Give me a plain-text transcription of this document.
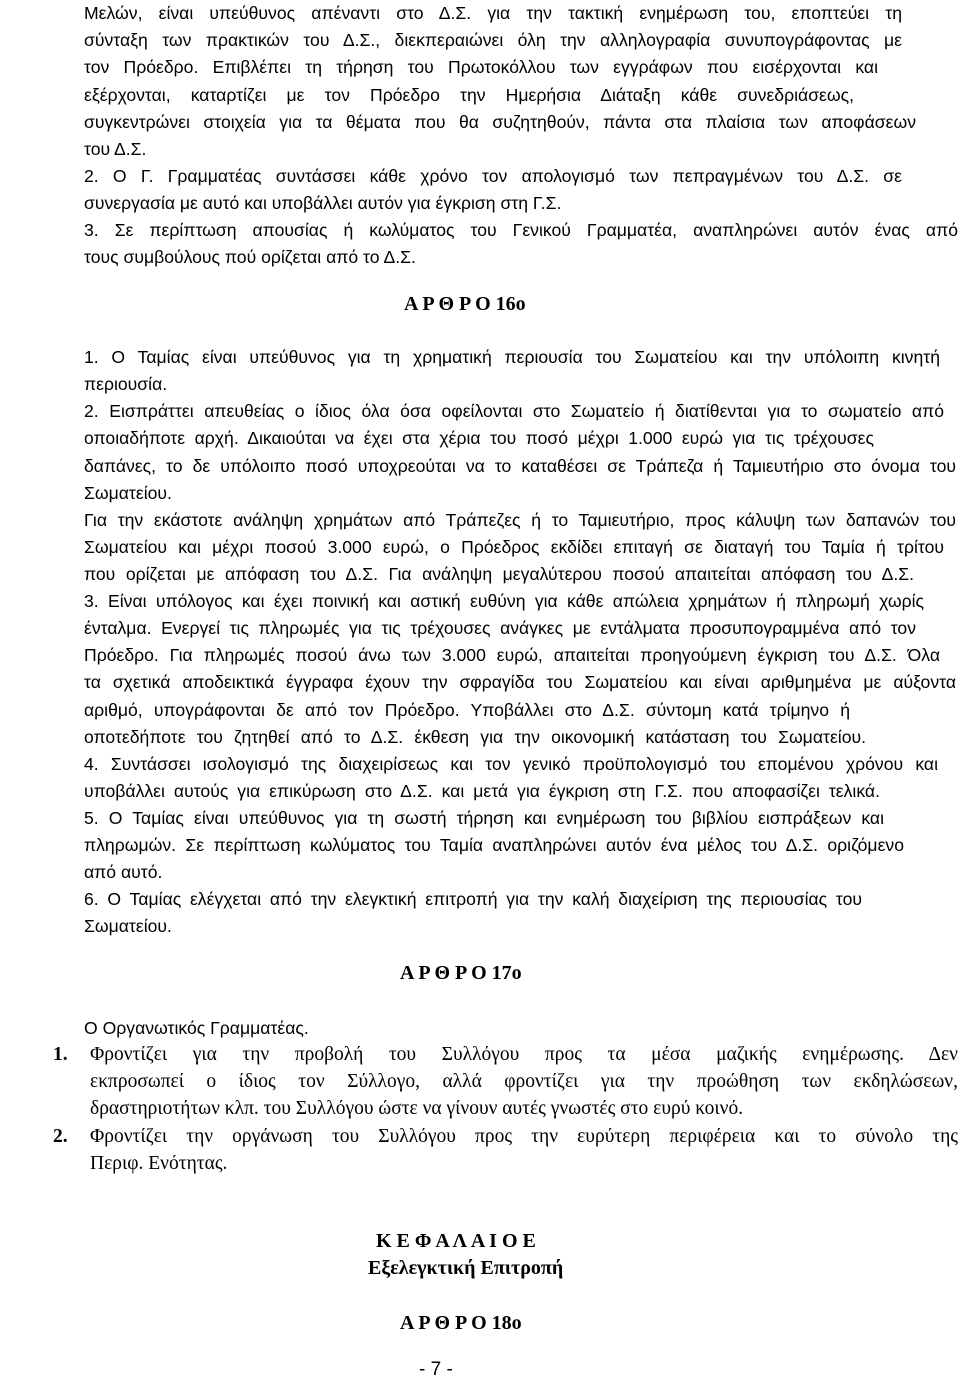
Μελών, είναι υπεύθυνος απέναντι στο Δ.Σ. για την τακτική ενημέρωση του, εποπτεύει τη
σύνταξη των πρακτικών του Δ.Σ., διεκπεραιώνει όλη την αλληλογραφία συνυπογράφοντας με
τον Πρόεδρο. Επιβλέπει τη τήρηση του Πρωτοκόλλου των εγγράφων που εισέρχονται και
εξέρχονται, καταρτίζει με τον Πρόεδρο την Ημερήσια Διάταξη κάθε συνεδριάσεως,
συγκεντρώνει στοιχεία για τα θέματα που θα συζητηθούν, πάντα στα πλαίσια των αποφάσεων
του Δ.Σ.
2. Ο Γ. Γραμματέας συντάσσει κάθε χρόνο τον απολογισμό των πεπραγμένων του Δ.Σ. σε
συνεργασία με αυτό και υποβάλλει αυτόν για έγκριση στη Γ.Σ.
3. Σε περίπτωση απουσίας ή κωλύματος του Γενικού Γραμματέα, αναπληρώνει αυτόν ένας από
τους συμβούλους πού ορίζεται από το Δ.Σ.
Α Ρ Θ Ρ Ο 16ο
1. Ο Ταμίας είναι υπεύθυνος για τη χρηματική περιουσία του Σωματείου και την υπόλοιπη κινητή
περιουσία.
2. Εισπράττει απευθείας ο ίδιος όλα όσα οφείλονται στο Σωματείο ή διατίθενται για το σωματείο από
οποιαδήποτε αρχή. Δικαιούται να έχει στα χέρια του ποσό μέχρι 1.000 ευρώ για τις τρέχουσες
δαπάνες, το δε υπόλοιπο ποσό υποχρεούται να το καταθέσει σε Τράπεζα ή Ταμιευτήριο στο όνομα του
Σωματείου.
Για την εκάστοτε ανάληψη χρημάτων από Τράπεζες ή το Ταμιευτήριο, προς κάλυψη των δαπανών του
Σωματείου και μέχρι ποσού 3.000 ευρώ, ο Πρόεδρος εκδίδει επιταγή σε διαταγή του Ταμία ή τρίτου
που ορίζεται με απόφαση του Δ.Σ. Για ανάληψη μεγαλύτερου ποσού απαιτείται απόφαση του Δ.Σ.
3. Είναι υπόλογος και έχει ποινική και αστική ευθύνη για κάθε απώλεια χρημάτων ή πληρωμή χωρίς
ένταλμα. Ενεργεί τις πληρωμές για τις τρέχουσες ανάγκες με εντάλματα προσυπογραμμένα από τον
Πρόεδρο. Για πληρωμές ποσού άνω των 3.000 ευρώ, απαιτείται προηγούμενη έγκριση του Δ.Σ. Όλα
τα σχετικά αποδεικτικά έγγραφα έχουν την σφραγίδα του Σωματείου και είναι αριθμημένα με αύξοντα
αριθμό, υπογράφονται δε από τον Πρόεδρο. Υποβάλλει στο Δ.Σ. σύντομη κατά τρίμηνο ή
οποτεδήποτε του ζητηθεί από το Δ.Σ. έκθεση για την οικονομική κατάσταση του Σωματείου.
4. Συντάσσει ισολογισμό της διαχειρίσεως και τον γενικό προϋπολογισμό του επομένου χρόνου και
υποβάλλει αυτούς για επικύρωση στο Δ.Σ. και μετά για έγκριση στη Γ.Σ. που αποφασίζει τελικά.
5. Ο Ταμίας είναι υπεύθυνος για τη σωστή τήρηση και ενημέρωση του βιβλίου εισπράξεων και
πληρωμών. Σε περίπτωση κωλύματος του Ταμία αναπληρώνει αυτόν ένα μέλος του Δ.Σ. οριζόμενο
από αυτό.
6. Ο Ταμίας ελέγχεται από την ελεγκτική επιτροπή για την καλή διαχείριση της περιουσίας του
Σωματείου.
Α Ρ Θ Ρ Ο 17ο
Ο Οργανωτικός Γραμματέας.
1. Φροντίζει για την προβολή του Συλλόγου προς τα μέσα μαζικής ενημέρωσης. Δεν
εκπροσωπεί ο ίδιος τον Σύλλογο, αλλά φροντίζει για την προώθηση των εκδηλώσεων,
δραστηριοτήτων κλπ. του Συλλόγου ώστε να γίνουν αυτές γνωστές στο ευρύ κοινό.
2. Φροντίζει την οργάνωση του Συλλόγου προς την ευρύτερη περιφέρεια και το σύνολο της
Περιφ. Ενότητας.
Κ Ε Φ Α Λ Α Ι Ο Ε
Εξελεγκτική Επιτροπή
Α Ρ Θ Ρ Ο 18ο
- 7 -
